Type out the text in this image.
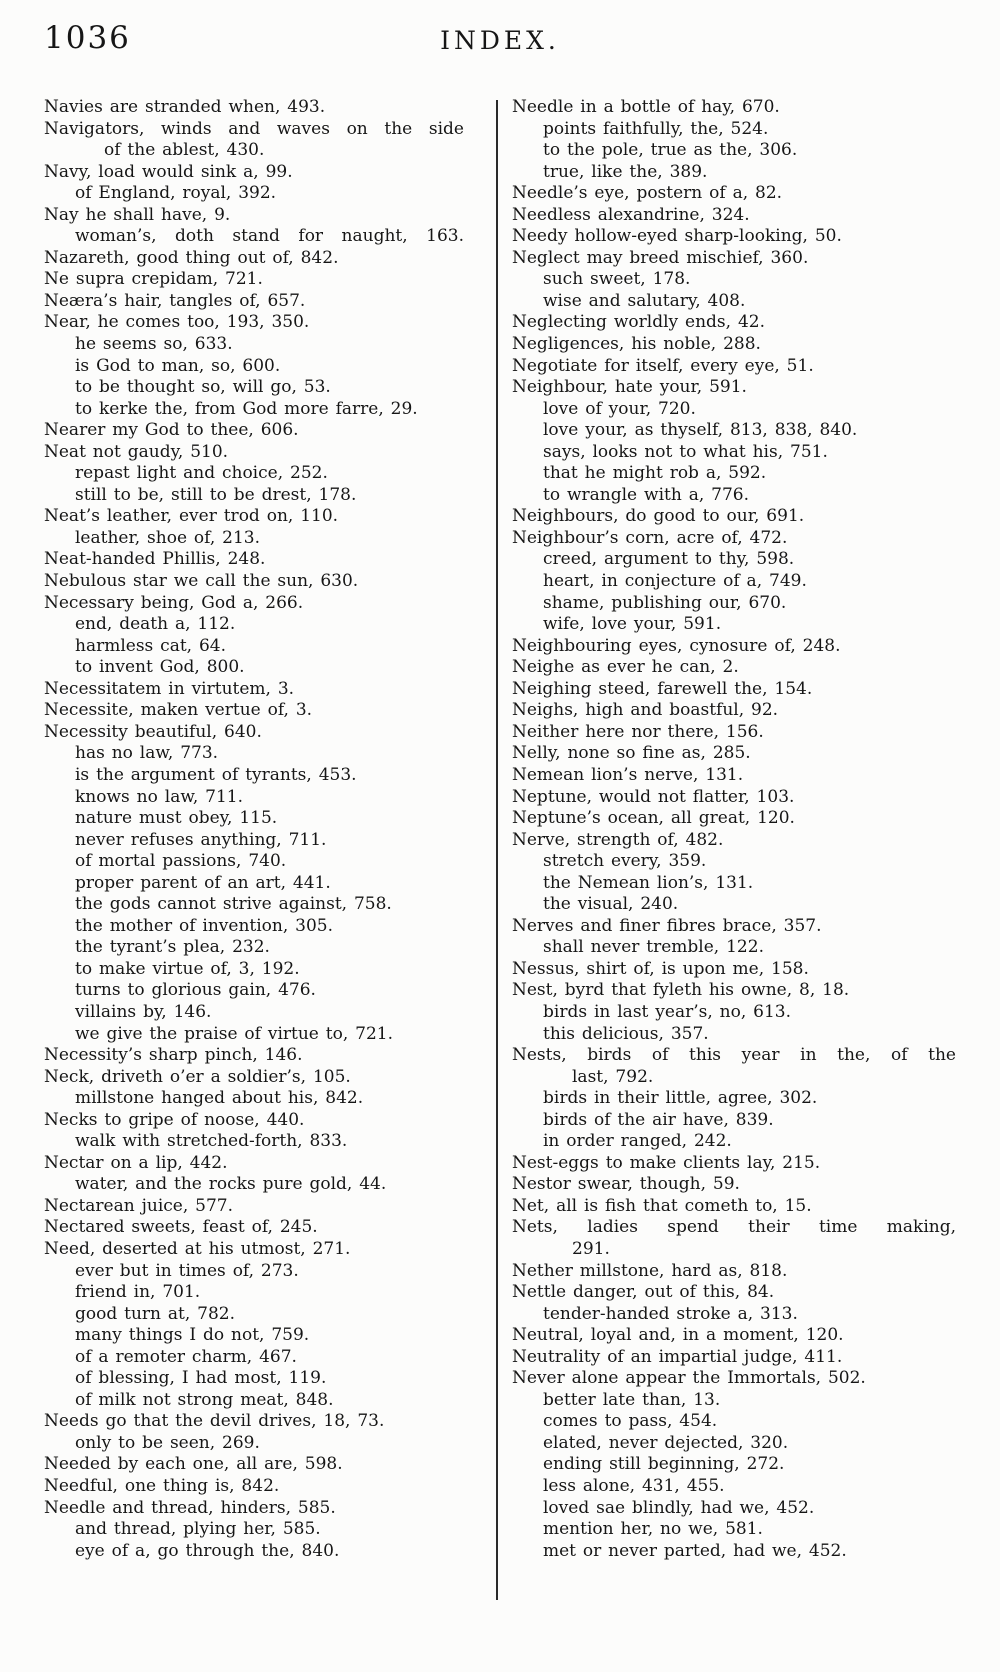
1036	INDEX.
Navies are stranded when, 493.
Navigators, winds and waves on the side
of the ablest, 430.
Navy, load would sink a, 99.
of England, royal, 392.
Nay he shall have, 9.
woman’s, doth stand for naught, 163.
Nazareth, good thing out of, 842.
Ne supra crepidam, 721.
Neæra’s hair, tangles of, 657.
Near, he comes too, 193, 350.
he seems so, 633.
is God to man, so, 600.
to be thought so, will go, 53.
to kerke the, from God more farre, 29.
Nearer my God to thee, 606.
Neat not gaudy, 510.
repast light and choice, 252.
still to be, still to be drest, 178.
Neat’s leather, ever trod on, 110.
leather, shoe of, 213.
Neat-handed Phillis, 248.
Nebulous star we call the sun, 630.
Necessary being, God a, 266.
end, death a, 112.
harmless cat, 64.
to invent God, 800.
Necessitatem in virtutem, 3.
Necessite, maken vertue of, 3.
Necessity beautiful, 640.
has no law, 773.
is the argument of tyrants, 453.
knows no law, 711.
nature must obey, 115.
never refuses anything, 711.
of mortal passions, 740.
proper parent of an art, 441.
the gods cannot strive against, 758.
the mother of invention, 305.
the tyrant’s plea, 232.
to make virtue of, 3, 192.
turns to glorious gain, 476.
villains by, 146.
we give the praise of virtue to, 721.
Necessity’s sharp pinch, 146.
Neck, driveth o’er a soldier’s, 105.
millstone hanged about his, 842.
Necks to gripe of noose, 440.
walk with stretched-forth, 833.
Nectar on a lip, 442.
water, and the rocks pure gold, 44.
Nectarean juice, 577.
Nectared sweets, feast of, 245.
Need, deserted at his utmost, 271.
ever but in times of, 273.
friend in, 701.
good turn at, 782.
many things I do not, 759.
of a remoter charm, 467.
of blessing, I had most, 119.
of milk not strong meat, 848.
Needs go that the devil drives, 18, 73.
only to be seen, 269.
Needed by each one, all are, 598.
Needful, one thing is, 842.
Needle and thread, hinders, 585.
and thread, plying her, 585.
eye of a, go through the, 840.
Needle in a bottle of hay, 670.
points faithfully, the, 524.
to the pole, true as the, 306.
true, like the, 389.
Needle’s eye, postern of a, 82.
Needless alexandrine, 324.
Needy hollow-eyed sharp-looking, 50.
Neglect may breed mischief, 360.
such sweet, 178.
wise and salutary, 408.
Neglecting worldly ends, 42.
Negligences, his noble, 288.
Negotiate for itself, every eye, 51.
Neighbour, hate your, 591.
love of your, 720.
love your, as thyself, 813, 838, 840.
says, looks not to what his, 751.
that he might rob a, 592.
to wrangle with a, 776.
Neighbours, do good to our, 691.
Neighbour’s corn, acre of, 472.
creed, argument to thy, 598.
heart, in conjecture of a, 749.
shame, publishing our, 670.
wife, love your, 591.
Neighbouring eyes, cynosure of, 248.
Neighe as ever he can, 2.
Neighing steed, farewell the, 154.
Neighs, high and boastful, 92.
Neither here nor there, 156.
Nelly, none so fine as, 285.
Nemean lion’s nerve, 131.
Neptune, would not flatter, 103.
Neptune’s ocean, all great, 120.
Nerve, strength of, 482.
stretch every, 359.
the Nemean lion’s, 131.
the visual, 240.
Nerves and finer fibres brace, 357.
shall never tremble, 122.
Nessus, shirt of, is upon me, 158.
Nest, byrd that fyleth his owne, 8, 18.
birds in last year’s, no, 613.
this delicious, 357.
Nests, birds of this year in the, of the
last, 792.
birds in their little, agree, 302.
birds of the air have, 839.
in order ranged, 242.
Nest-eggs to make clients lay, 215.
Nestor swear, though, 59.
Net, all is fish that cometh to, 15.
Nets, ladies spend their time making,
291.
Nether millstone, hard as, 818.
Nettle danger, out of this, 84.
tender-handed stroke a, 313.
Neutral, loyal and, in a moment, 120.
Neutrality of an impartial judge, 411.
Never alone appear the Immortals, 502.
better late than, 13.
comes to pass, 454.
elated, never dejected, 320.
ending still beginning, 272.
less alone, 431, 455.
loved sae blindly, had we, 452.
mention her, no we, 581.
met or never parted, had we, 452.
